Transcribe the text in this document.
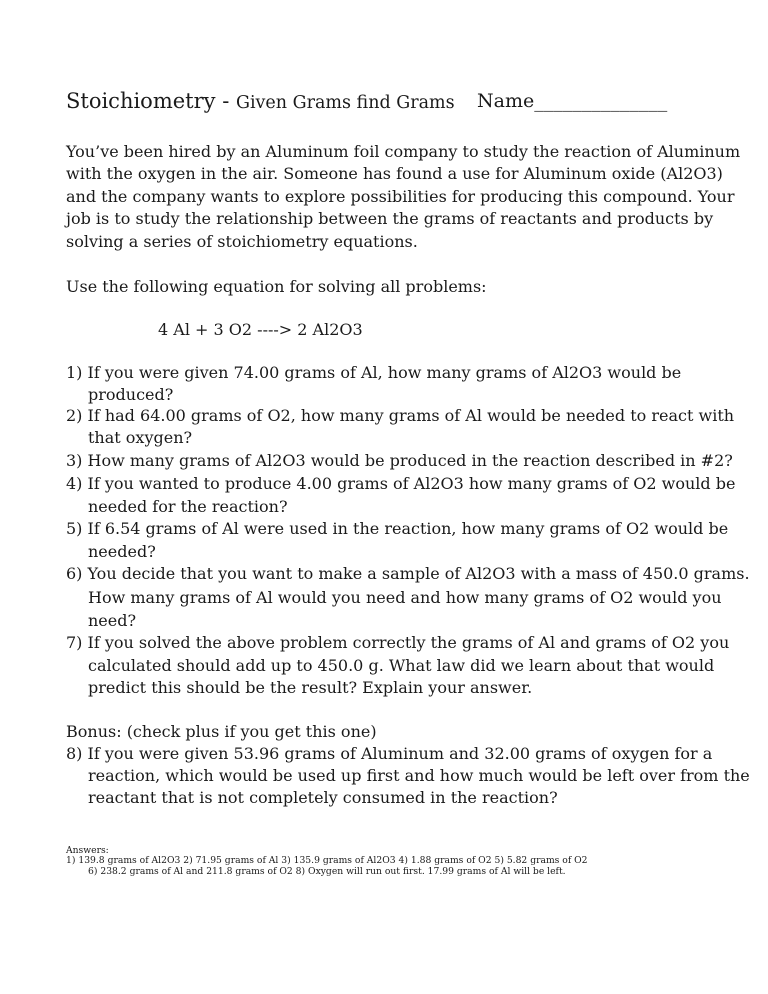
Stoichiometry - Given Grams find Grams Name______________
You’ve been hired by an Aluminum foil company to study the reaction of Aluminum
with the oxygen in the air. Someone has found a use for Aluminum oxide (Al2O3)
and the company wants to explore possibilities for producing this compound. Your
job is to study the relationship between the grams of reactants and products by
solving a series of stoichiometry equations.
Use the following equation for solving all problems:
4 Al + 3 O2 ----> 2 Al2O3
1) If you were given 74.00 grams of Al, how many grams of Al2O3 would be
produced?
2) If had 64.00 grams of O2, how many grams of Al would be needed to react with
that oxygen?
3) How many grams of Al2O3 would be produced in the reaction described in #2?
4) If you wanted to produce 4.00 grams of Al2O3 how many grams of O2 would be
needed for the reaction?
5) If 6.54 grams of Al were used in the reaction, how many grams of O2 would be
needed?
6) You decide that you want to make a sample of Al2O3 with a mass of 450.0 grams.
How many grams of Al would you need and how many grams of O2 would you
need?
7) If you solved the above problem correctly the grams of Al and grams of O2 you
calculated should add up to 450.0 g. What law did we learn about that would
predict this should be the result? Explain your answer.
Bonus: (check plus if you get this one)
8) If you were given 53.96 grams of Aluminum and 32.00 grams of oxygen for a
reaction, which would be used up first and how much would be left over from the
reactant that is not completely consumed in the reaction?
Answers:
1) 139.8 grams of Al2O3 2) 71.95 grams of Al 3) 135.9 grams of Al2O3 4) 1.88 grams of O2 5) 5.82 grams of O2
6) 238.2 grams of Al and 211.8 grams of O2 8) Oxygen will run out first. 17.99 grams of Al will be left.
